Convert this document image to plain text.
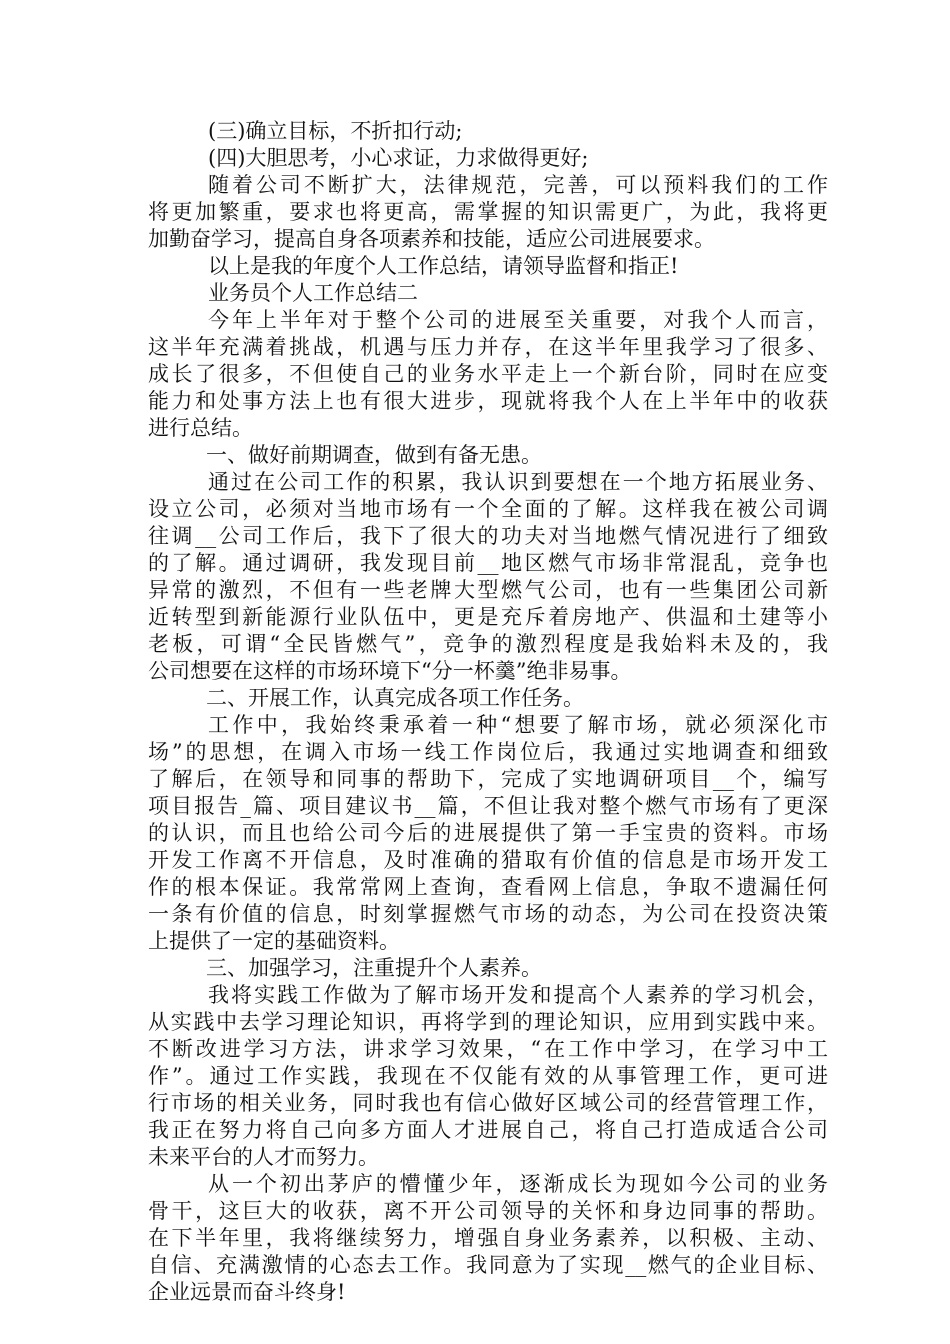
(三)确立目标，不折扣行动;
(四)大胆思考，小心求证，力求做得更好;
随着公司不断扩大，法律规范，完善，可以预料我们的工作
将更加繁重，要求也将更高，需掌握的知识需更广，为此，我将更
加勤奋学习，提高自身各项素养和技能，适应公司进展要求。
以上是我的年度个人工作总结，请领导监督和指正!
业务员个人工作总结二
今年上半年对于整个公司的进展至关重要，对我个人而言，
这半年充满着挑战，机遇与压力并存，在这半年里我学习了很多、
成长了很多，不但使自己的业务水平走上一个新台阶，同时在应变
能力和处事方法上也有很大进步，现就将我个人在上半年中的收获
进行总结。
一、做好前期调查，做到有备无患。
通过在公司工作的积累，我认识到要想在一个地方拓展业务、
设立公司，必须对当地市场有一个全面的了解。这样我在被公司调
往调__公司工作后，我下了很大的功夫对当地燃气情况进行了细致
的了解。通过调研，我发现目前__地区燃气市场非常混乱，竞争也
异常的激烈，不但有一些老牌大型燃气公司，也有一些集团公司新
近转型到新能源行业队伍中，更是充斥着房地产、供温和土建等小
老板，可谓“全民皆燃气”，竞争的激烈程度是我始料未及的，我
公司想要在这样的市场环境下“分一杯羹”绝非易事。
二、开展工作，认真完成各项工作任务。
工作中，我始终秉承着一种“想要了解市场，就必须深化市
场”的思想，在调入市场一线工作岗位后，我通过实地调查和细致
了解后，在领导和同事的帮助下，完成了实地调研项目__个，编写
项目报告_篇、项目建议书__篇，不但让我对整个燃气市场有了更深
的认识，而且也给公司今后的进展提供了第一手宝贵的资料。市场
开发工作离不开信息，及时准确的猎取有价值的信息是市场开发工
作的根本保证。我常常网上查询，查看网上信息，争取不遗漏任何
一条有价值的信息，时刻掌握燃气市场的动态，为公司在投资决策
上提供了一定的基础资料。
三、加强学习，注重提升个人素养。
我将实践工作做为了解市场开发和提高个人素养的学习机会，
从实践中去学习理论知识，再将学到的理论知识，应用到实践中来。
不断改进学习方法，讲求学习效果，“在工作中学习，在学习中工
作”。通过工作实践，我现在不仅能有效的从事管理工作，更可进
行市场的相关业务，同时我也有信心做好区域公司的经营管理工作，
我正在努力将自己向多方面人才进展自己，将自己打造成适合公司
未来平台的人才而努力。
从一个初出茅庐的懵懂少年，逐渐成长为现如今公司的业务
骨干，这巨大的收获，离不开公司领导的关怀和身边同事的帮助。
在下半年里，我将继续努力，增强自身业务素养，以积极、主动、
自信、充满激情的心态去工作。我同意为了实现__燃气的企业目标、
企业远景而奋斗终身!
